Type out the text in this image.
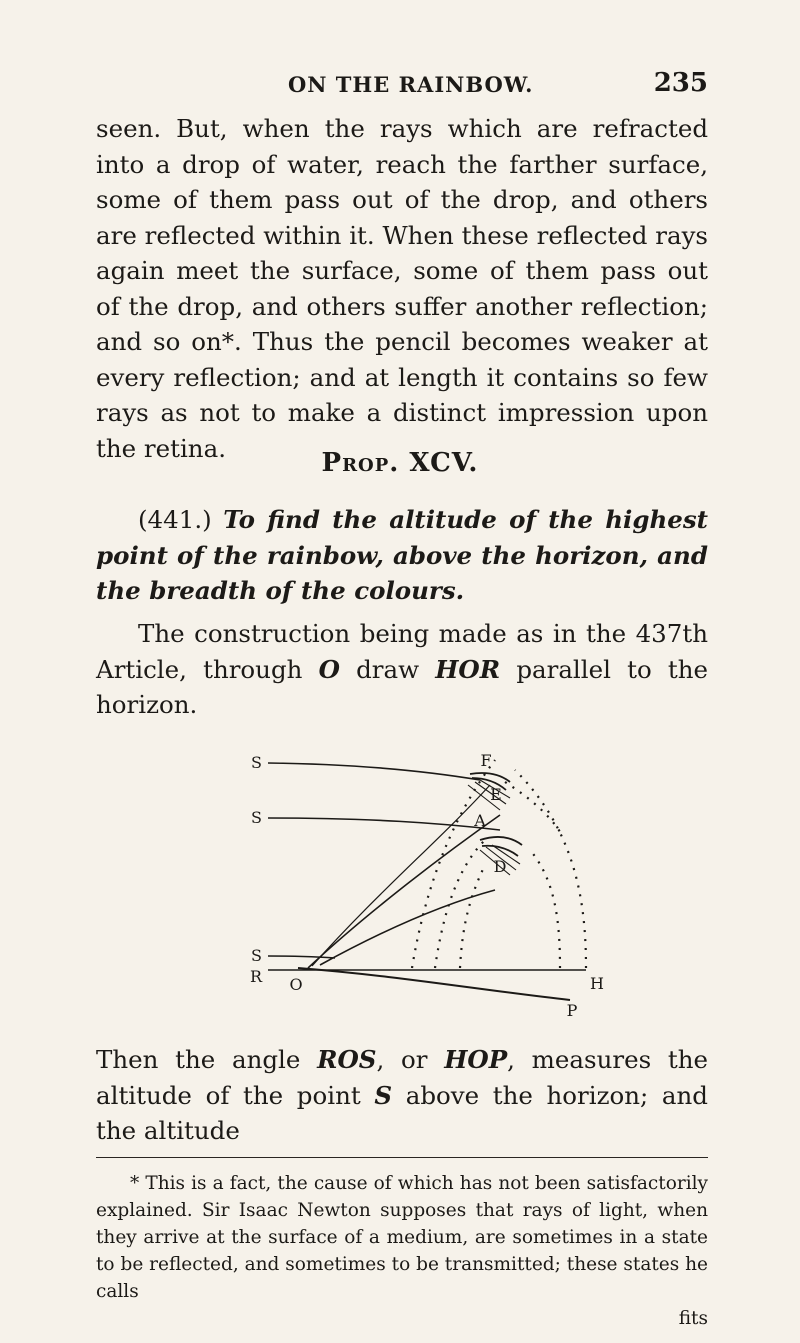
ON THE RAINBOW.	235

seen. But, when the rays which are refracted into a drop of water, reach the farther surface, some of them pass out of the drop, and others are reflected within it. When these reflected rays again meet the surface, some of them pass out of the drop, and others suffer another reflection; and so on*. Thus the pencil becomes weaker at every reflection; and at length it contains so few rays as not to make a distinct impression upon the retina.	Prop. XCV.

(441.) To find the altitude of the highest point of the rainbow, above the horizon, and the breadth of the colours.

The construction being made as in the 437th Article, through O draw HOR parallel to the horizon.

S
S
S
R O	H
P
F
E
A
D

Then the angle ROS, or HOP, measures the altitude of the point S above the horizon; and the altitude

* This is a fact, the cause of which has not been satisfactorily explained. Sir Isaac Newton supposes that rays of light, when they arrive at the surface of a medium, are sometimes in a state to be reflected, and sometimes to be transmitted; these states he calls
fits
